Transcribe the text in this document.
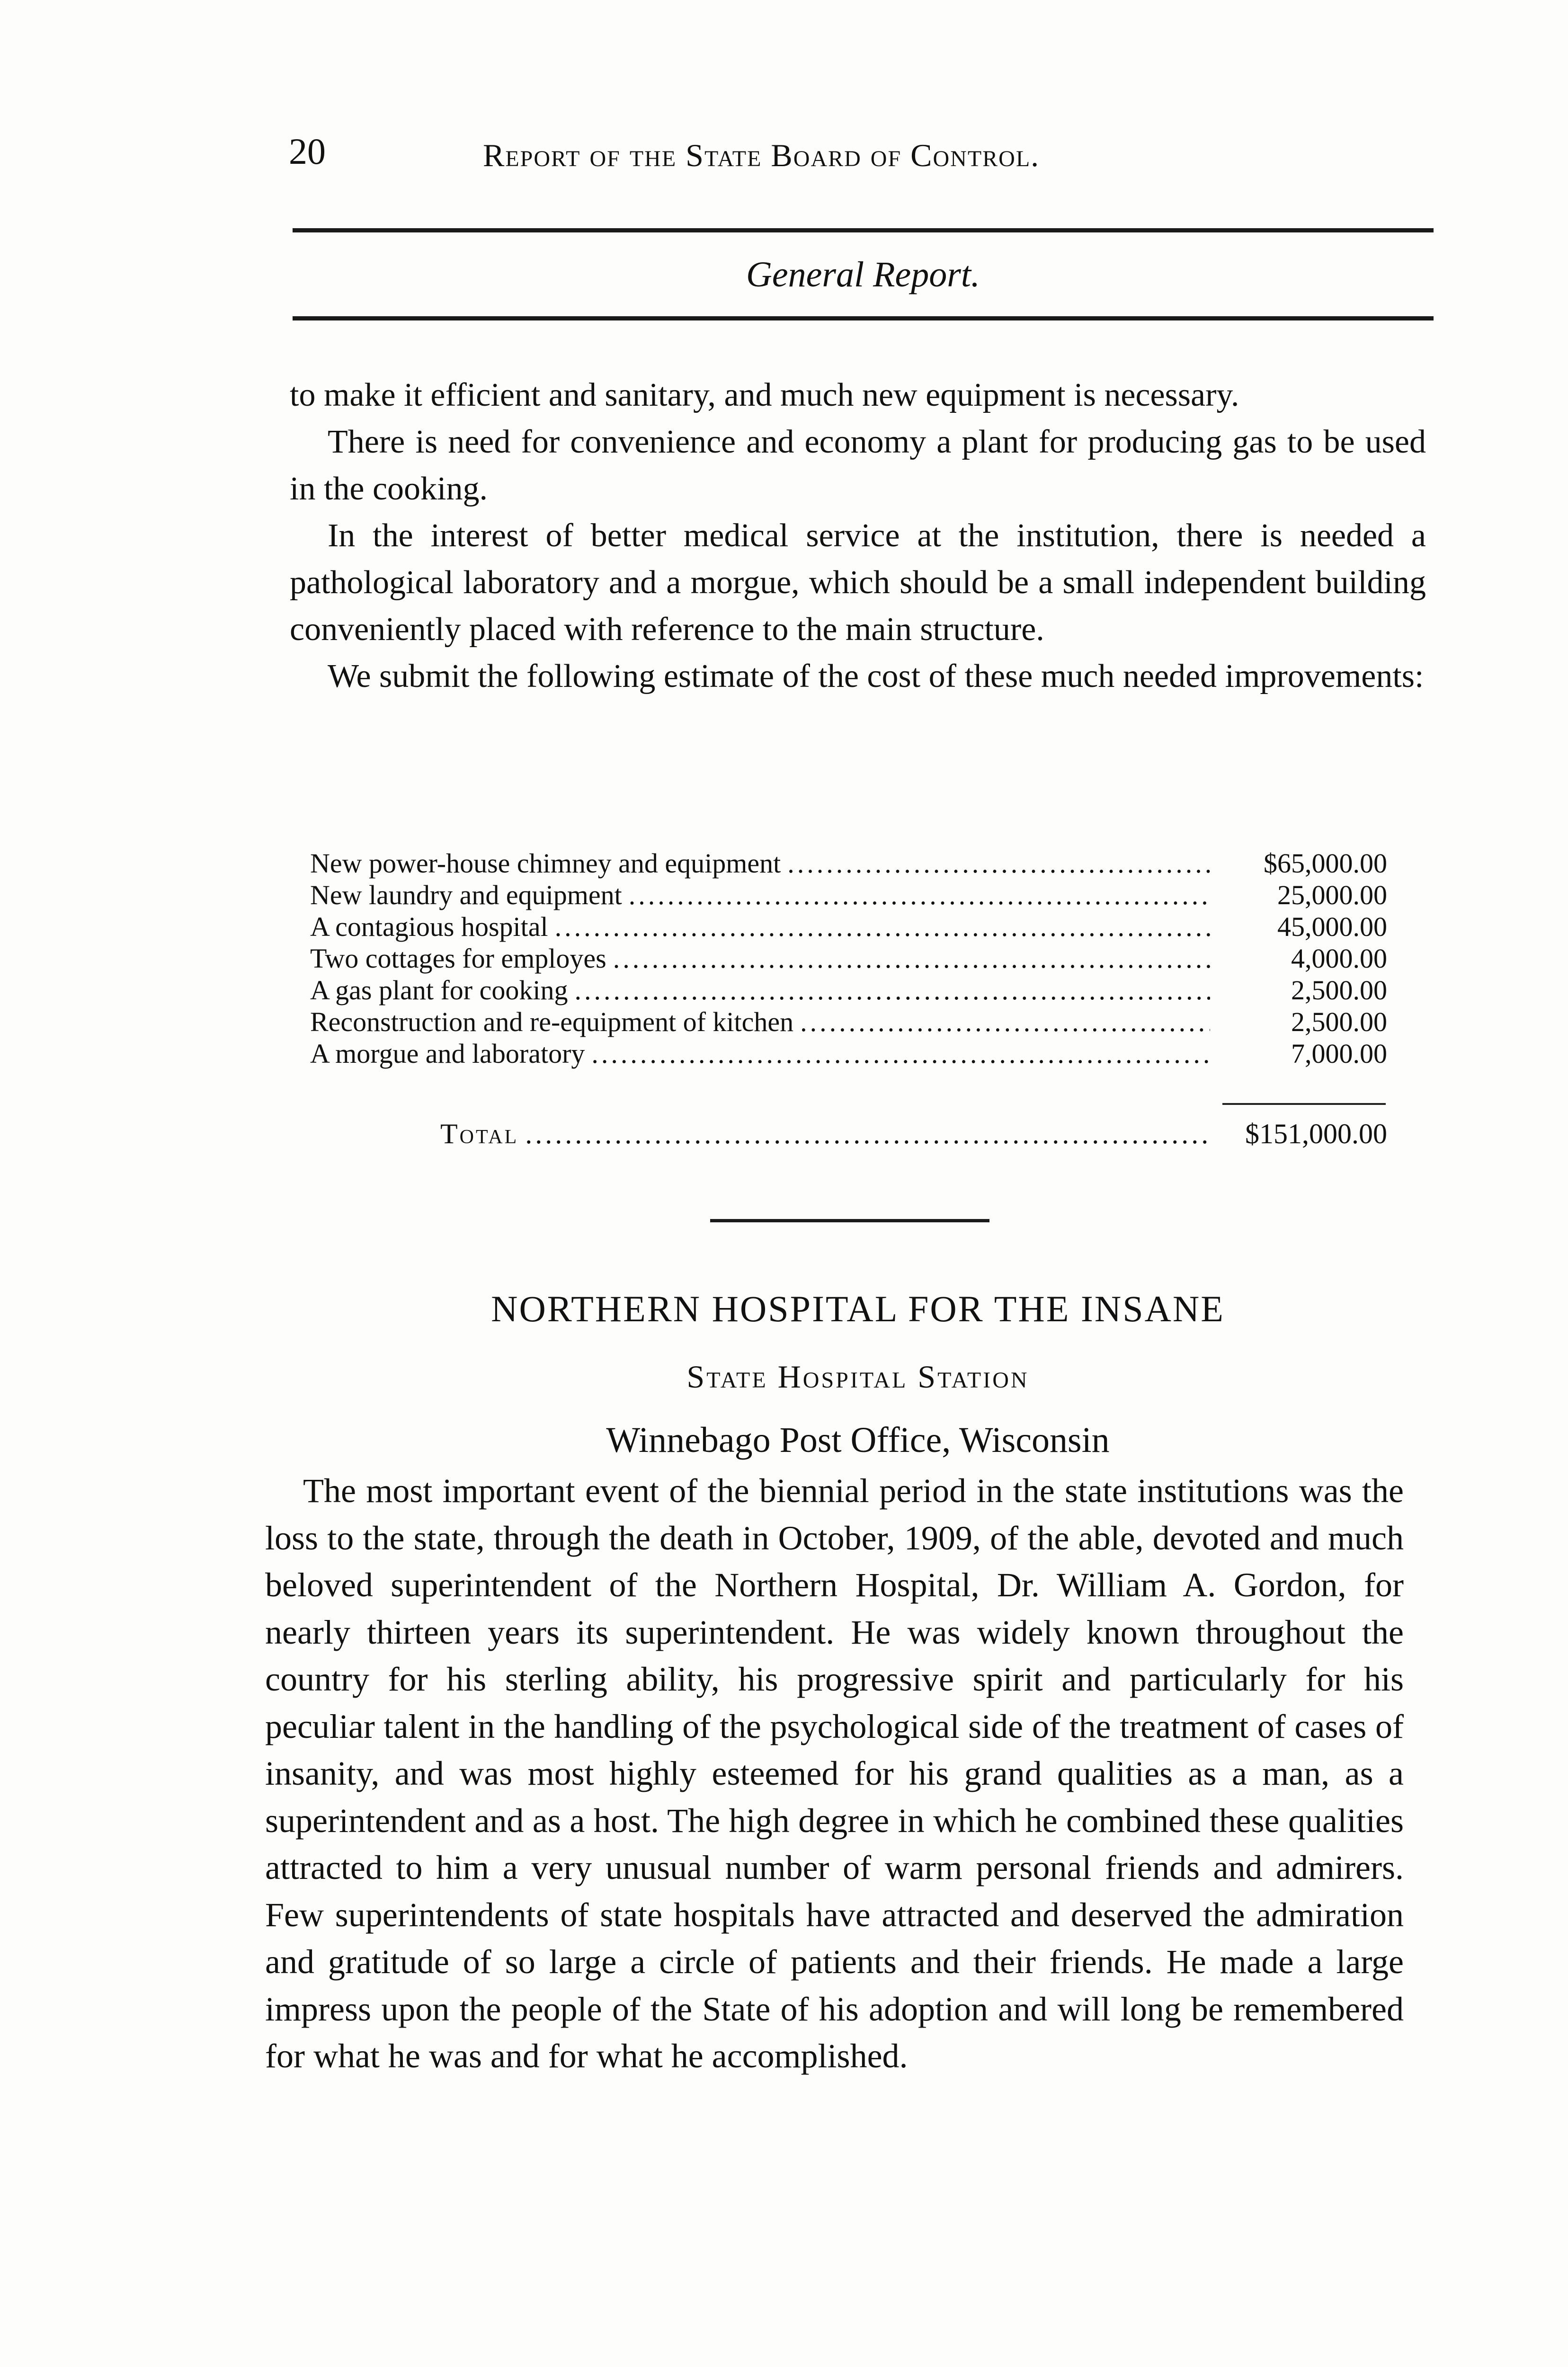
20	Report of the State Board of Control.
General Report.

to make it efficient and sanitary, and much new equipment is necessary.

There is need for convenience and economy a plant for producing gas to be used in the cooking.

In the interest of better medical service at the institution, there is needed a pathological laboratory and a morgue, which should be a small independent building conveniently placed with reference to the main structure.

We submit the following estimate of the cost of these much needed improvements:

New power-house chimney and equipment .....	$65,000.00
New laundry and equipment .....	25,000.00
A contagious hospital .....	45,000.00
Two cottages for employes .....	4,000.00
A gas plant for cooking .....	2,500.00
Reconstruction and re-equipment of kitchen .....	2,500.00
A morgue and laboratory .....	7,000.00
Total .....	$151,000.00
NORTHERN HOSPITAL FOR THE INSANE
State Hospital Station
Winnebago Post Office, Wisconsin

The most important event of the biennial period in the state institutions was the loss to the state, through the death in October, 1909, of the able, devoted and much beloved superintendent of the Northern Hospital, Dr. William A. Gordon, for nearly thirteen years its superintendent. He was widely known throughout the country for his sterling ability, his progressive spirit and particularly for his peculiar talent in the handling of the psychological side of the treatment of cases of insanity, and was most highly esteemed for his grand qualities as a man, as a superintendent and as a host. The high degree in which he combined these qualities attracted to him a very unusual number of warm personal friends and admirers. Few superintendents of state hospitals have attracted and deserved the admiration and gratitude of so large a circle of patients and their friends. He made a large impress upon the people of the State of his adoption and will long be remembered for what he was and for what he accomplished.
